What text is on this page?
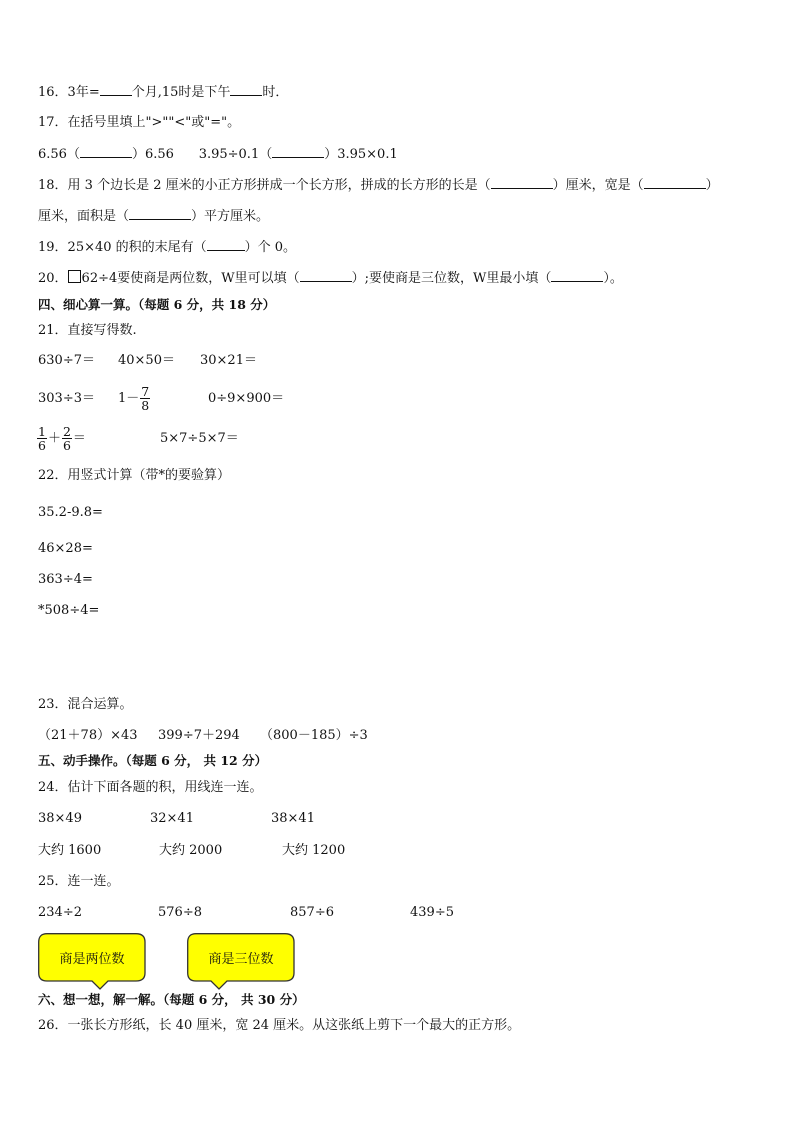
16．3年= 个月,15时是下午 时．
17．在括号里填上">""<"或"="。
6.56（	）6.56 3.95÷0.1（	）3.95×0.1
18．用 3 个边长是 2 厘米的小正方形拼成一个长方形，拼成的长方形的长是（	）厘米，宽是（	）
厘米，面积是（	）平方厘米。
19．25×40 的积的末尾有（	）个 0。
20． 62÷4要使商是两位数，W里可以填（	）;要使商是三位数，W里最小填（	）。
四、细心算一算。（每题 6 分，共 18 分）
21．直接写得数.
630÷7＝ 40×50＝ 30×21＝
$303\div 3= 1- \frac{7}{8}$	0÷9×900＝
$\frac{1}{6} + \frac{2}{6}$ ＝	5×7÷5×7＝
22．用竖式计算（带*的要验算）
35.2-9.8=
46×28=
363÷4=
*508÷4=
23．混合运算。
（21＋78）×43 399÷7＋294 （800－185）÷3
五、动手操作。（每题 6 分， 共 12 分）
24．估计下面各题的积，用线连一连。
38×49	32×41	38×41
大约 1600	大约 2000	大约 1200
25．连一连。
234÷2	576÷8	857÷6	439÷5
商是两位数	商是三位数
六、想一想，解一解。（每题 6 分， 共 30 分）
26．一张长方形纸，长 40 厘米，宽 24 厘米。从这张纸上剪下一个最大的正方形。
